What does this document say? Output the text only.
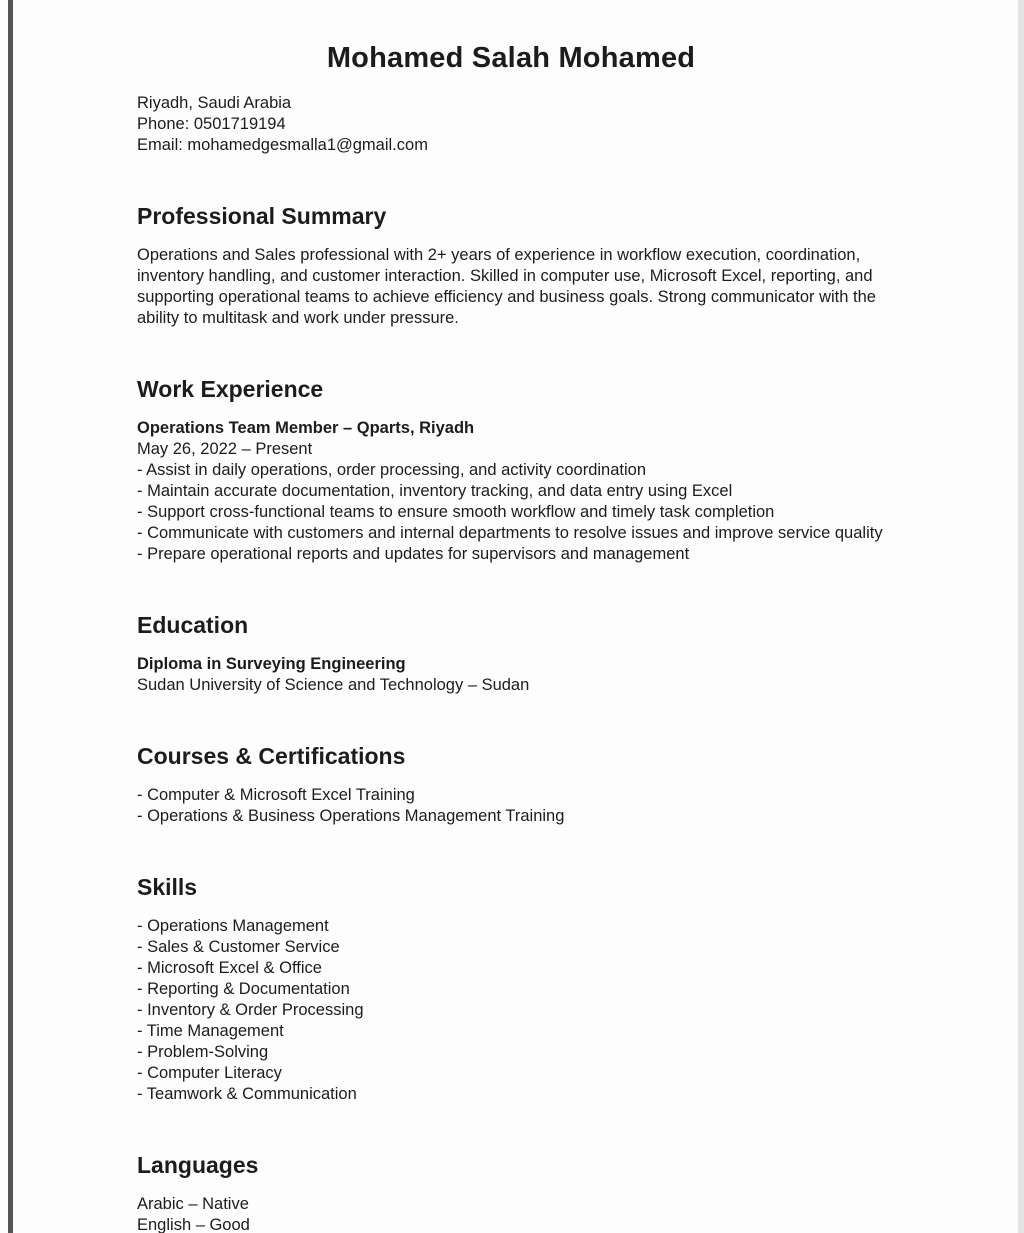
Mohamed Salah Mohamed
Riyadh, Saudi Arabia
Phone: 0501719194
Email: mohamedgesmalla1@gmail.com
Professional Summary
Operations and Sales professional with 2+ years of experience in workflow execution, coordination, inventory handling, and customer interaction. Skilled in computer use, Microsoft Excel, reporting, and supporting operational teams to achieve efficiency and business goals. Strong communicator with the ability to multitask and work under pressure.
Work Experience
Operations Team Member – Qparts, Riyadh
May 26, 2022 – Present
- Assist in daily operations, order processing, and activity coordination
- Maintain accurate documentation, inventory tracking, and data entry using Excel
- Support cross-functional teams to ensure smooth workflow and timely task completion
- Communicate with customers and internal departments to resolve issues and improve service quality
- Prepare operational reports and updates for supervisors and management
Education
Diploma in Surveying Engineering
Sudan University of Science and Technology – Sudan
Courses & Certifications
- Computer & Microsoft Excel Training
- Operations & Business Operations Management Training
Skills
- Operations Management
- Sales & Customer Service
- Microsoft Excel & Office
- Reporting & Documentation
- Inventory & Order Processing
- Time Management
- Problem-Solving
- Computer Literacy
- Teamwork & Communication
Languages
Arabic – Native
English – Good
